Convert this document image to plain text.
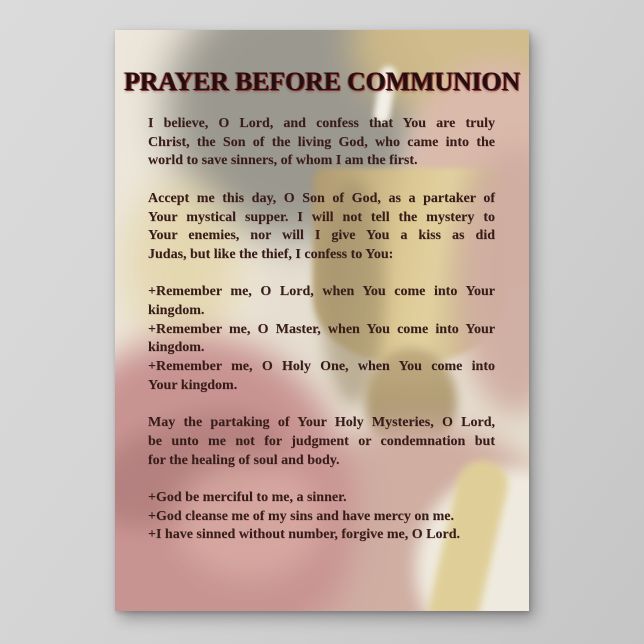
PRAYER BEFORE COMMUNION
I believe, O Lord, and confess that You are truly
Christ, the Son of the living God, who came into the
world to save sinners, of whom I am the first.
Accept me this day, O Son of God, as a partaker of
Your mystical supper. I will not tell the mystery to
Your enemies, nor will I give You a kiss as did
Judas, but like the thief, I confess to You:
+Remember me, O Lord, when You come into Your
kingdom.
+Remember me, O Master, when You come into Your
kingdom.
+Remember me, O Holy One, when You come into
Your kingdom.
May the partaking of Your Holy Mysteries, O Lord,
be unto me not for judgment or condemnation but
for the healing of soul and body.
+God be merciful to me, a sinner.
+God cleanse me of my sins and have mercy on me.
+I have sinned without number, forgive me, O Lord.
